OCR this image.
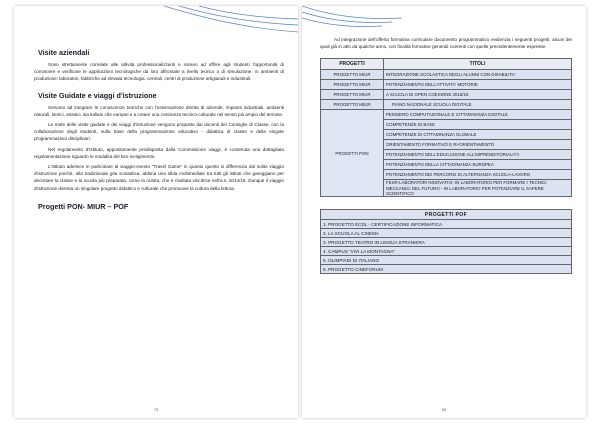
Visite aziendali

Sono strettamente correlate alle attività professionalizzanti e mirano ad offrire agli studenti l'opportunità di conoscere e verificare le applicazioni tecnologiche da loro affrontate a livello teorico o di simulazione, in ambienti di produzione: laboratori, fabbriche ad elevata tecnologia, centrali, centri di produzione artigianali e industriali.

Visite Guidate e viaggi d'istruzione

Servono ad integrare le conoscenze teoriche con l'osservazione diretta di aziende, impianti industriali, ambienti naturali, storici, artistici, sia italiani che europei e a creare una coscienza tecnico-culturale nel senso più ampio del termine.

Le mete delle visite guidate e dei viaggi d'istruzione vengono proposte dai docenti del Consiglio di Classe, con la collaborazione degli studenti, sulla base della programmazione educativo - didattica di classe e delle singole programmazioni disciplinari.

Nel regolamento d'Istituto, appositamente predisposta dalla Commissione viaggi, è contenuta una dettagliata regolamentazione riguardo le modalità del loro svolgimento.

L'Istituto aderisce in particolare al viaggio-evento "Travel Game" in quanto questo si differenzia dal solito viaggio d'istruzione poiché, alla tradizionale gita scolastica, abbina una sfida multimediale tra tutti gli istituti che gareggiano per decretare la classe e la scuola più preparata, come la nostra, che è risultata vincitrice nell'a.s. 2014/15. Dunque il viaggio d'istruzione diventa un singolare progetto didattico e culturale che promuove la cultura della lettura.

Progetti PON- MIUR – POF
79

Ad integrazione dell'offerta formativa curriculare documento programmatico evidenzia i seguenti progetti, alcuni dei quali già in atto da qualche anno, con finalità formative generali coerenti con quelle precedentemente espresse.

PROGETTI	TITOLI
PROGETTO MIUR	INTEGRAZIONE SCOLASTICA DEGLI ALUNNI CON DISABILITA'
PROGETTO MIUR	POTENZIAMENTO DELL'ATTIVITA' MOTORIE
PROGETTO MIUR	A SCUOLA DI OPEN COESIONE 2018/19
PROGETTO MIUR	PIANO NAZIONALE SCUOLA DIGITALE
PROGETTI PON	PENSIERO COMPUTAZIONALE E CITTADINANZA DIGITALE
	COMPETENZE DI BASE
	COMPETENZE DI CITTADINANZA GLOBALE
	ORIENTAMENTO FORMATIVO E RI-ORIENTAMENTO
	POTENZIAMENTO DELL'EDUCAZIONE ALL'IMPRENDITORIALITÀ
	POTENZIAMENTO DELLA CITTADINANZA EUROPEA
	POTENZIAMENTO DEI PERCORSI DI ALTERNANZA SCUOLA-LAVORO
	FESR-LABORATORI INNOVATIVI: IN LABORATORIO PER FORMARE I TECNICI MECCANICI DEL FUTURO - IN LABORATORIO PER POTENZIARE IL SAPERE SCIENTIFICO
PROGETTI POF
1. PROGETTO ECDL - CERTIFICAZIONE INFORMATICA
2. LA SCUOLA AL CINEMA
3. PROGETTO TEATRO IN LINGUA STRANIERA
4. CAMPUS "VIVI LA MONTAGNA"
5. OLIMPIADI DI ITALIANO
6. PROGETTO CINEFORUM
80
